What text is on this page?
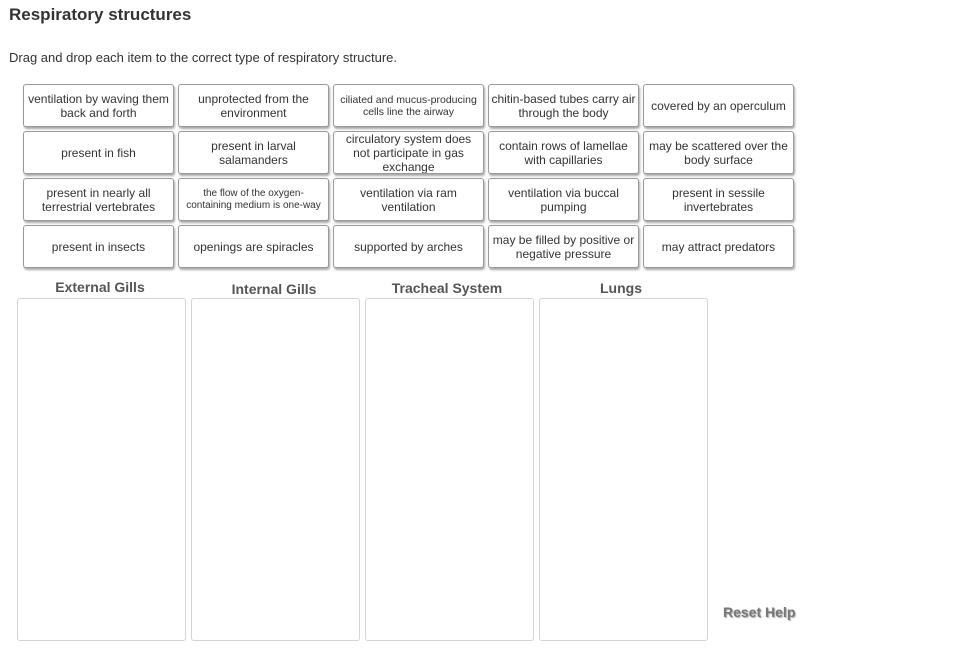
Respiratory structures
Drag and drop each item to the correct type of respiratory structure.
ventilation by waving them back and forth
unprotected from the environment
ciliated and mucus-producing cells line the airway
chitin-based tubes carry air through the body	covered by an operculum
present in fish	present in larval salamanders
circulatory system does not participate in gas exchange
contain rows of lamellae with capillaries
may be scattered over the body surface
present in nearly all terrestrial vertebrates
the flow of the oxygen-containing medium is one-way
ventilation via ram ventilation
ventilation via buccal pumping
present in sessile invertebrates
present in insects	openings are spiracles	supported by arches	may be filled by positive or negative pressure	may attract predators
External Gills	Internal Gills	Tracheal System	Lungs
Reset Help
